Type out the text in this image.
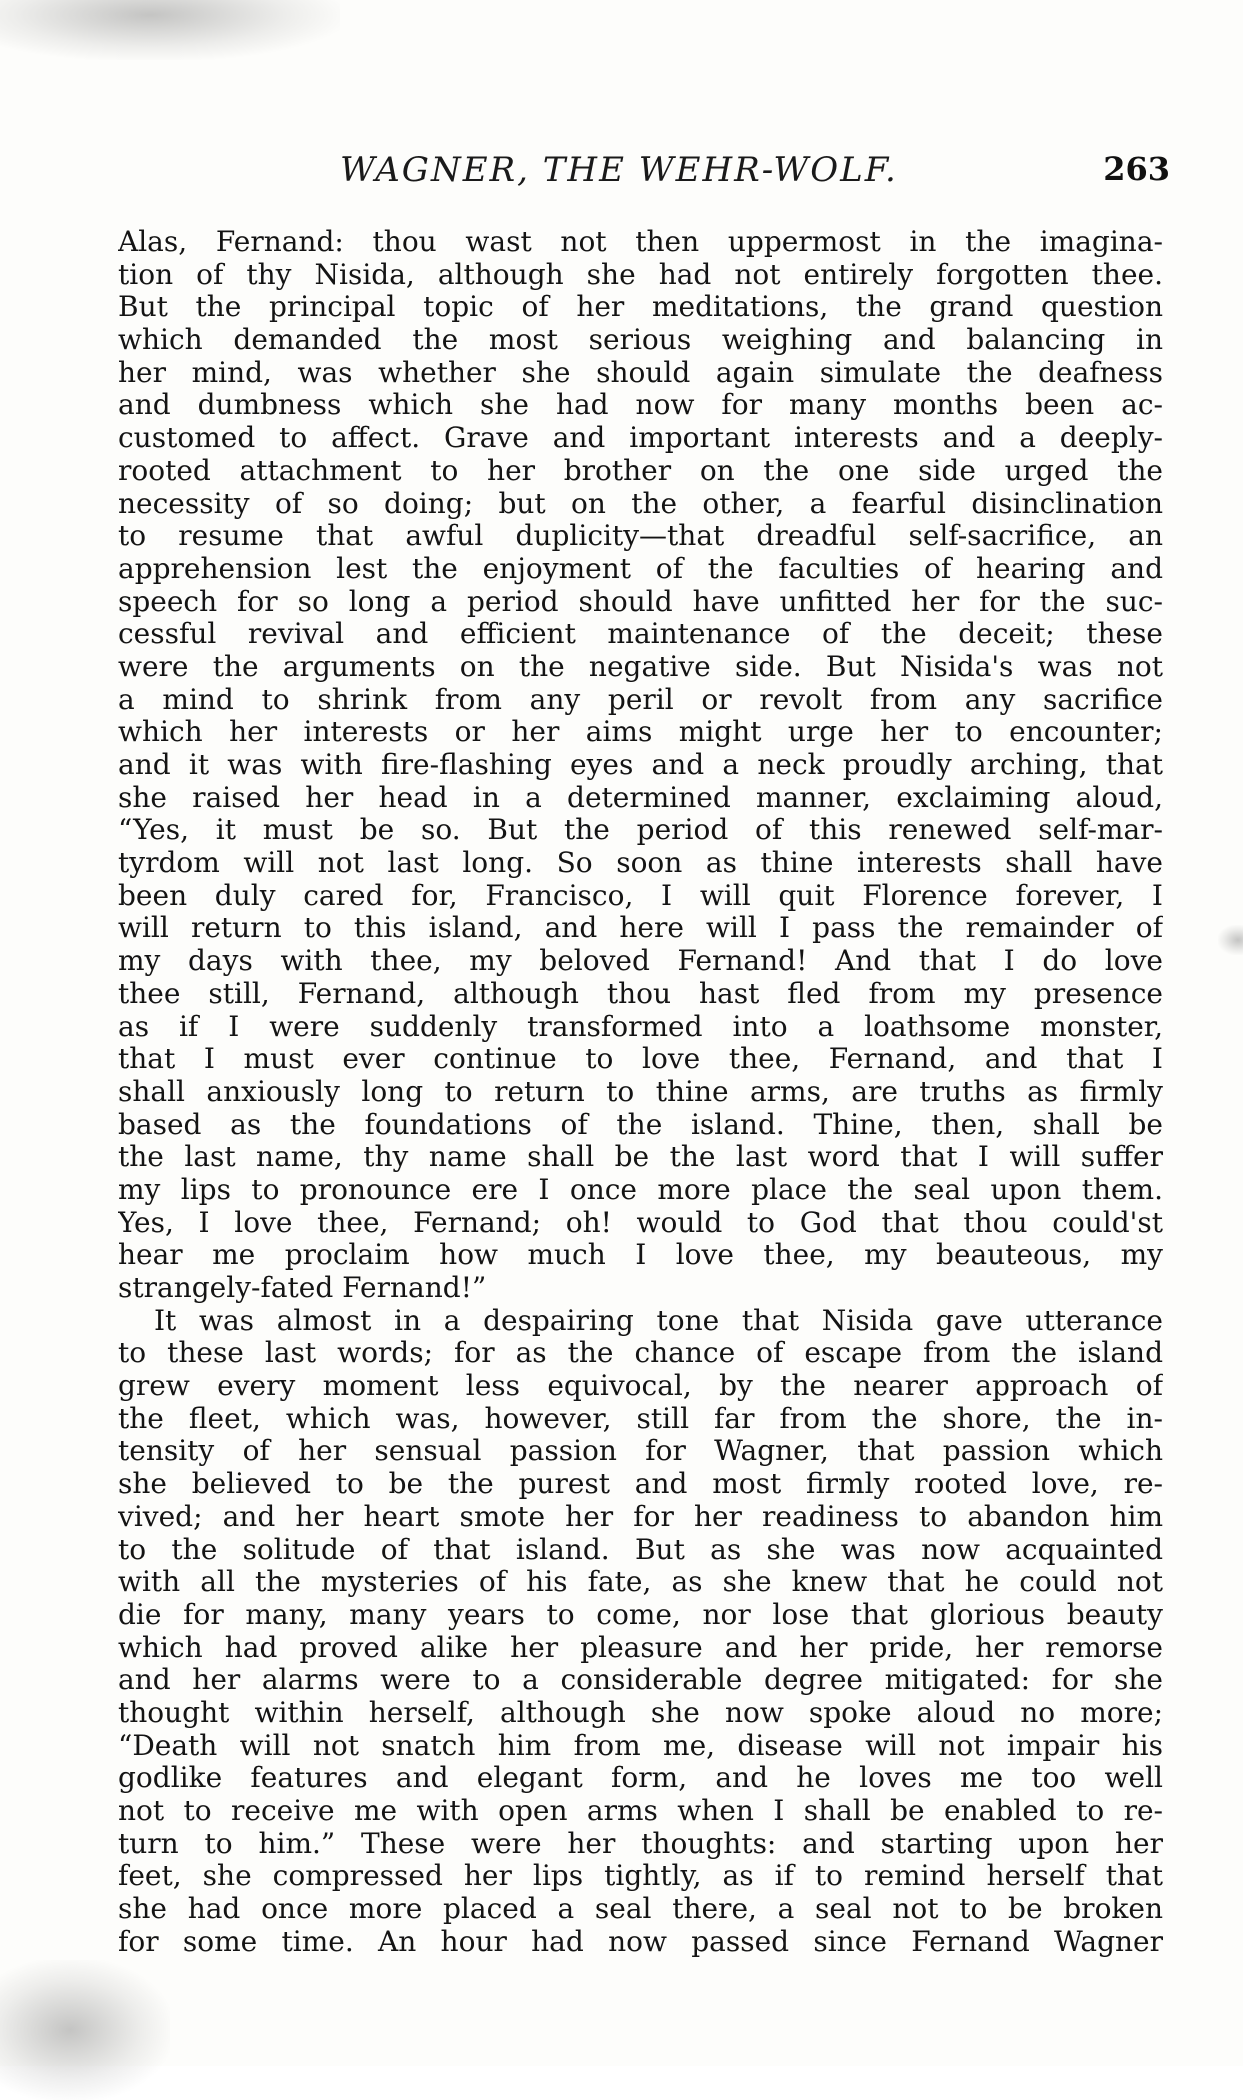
WAGNER, THE WEHR-WOLF.	263
Alas, Fernand: thou wast not then uppermost in the imagina-
tion of thy Nisida, although she had not entirely forgotten thee.
But the principal topic of her meditations, the grand question
which demanded the most serious weighing and balancing in
her mind, was whether she should again simulate the deafness
and dumbness which she had now for many months been ac-
customed to affect. Grave and important interests and a deeply-
rooted attachment to her brother on the one side urged the
necessity of so doing; but on the other, a fearful disinclination
to resume that awful duplicity—that dreadful self-sacrifice, an
apprehension lest the enjoyment of the faculties of hearing and
speech for so long a period should have unfitted her for the suc-
cessful revival and efficient maintenance of the deceit; these
were the arguments on the negative side. But Nisida's was not
a mind to shrink from any peril or revolt from any sacrifice
which her interests or her aims might urge her to encounter;
and it was with fire-flashing eyes and a neck proudly arching, that
she raised her head in a determined manner, exclaiming aloud,
“Yes, it must be so. But the period of this renewed self-mar-
tyrdom will not last long. So soon as thine interests shall have
been duly cared for, Francisco, I will quit Florence forever, I
will return to this island, and here will I pass the remainder of
my days with thee, my beloved Fernand! And that I do love
thee still, Fernand, although thou hast fled from my presence
as if I were suddenly transformed into a loathsome monster,
that I must ever continue to love thee, Fernand, and that I
shall anxiously long to return to thine arms, are truths as firmly
based as the foundations of the island. Thine, then, shall be
the last name, thy name shall be the last word that I will suffer
my lips to pronounce ere I once more place the seal upon them.
Yes, I love thee, Fernand; oh! would to God that thou could'st
hear me proclaim how much I love thee, my beauteous, my
strangely-fated Fernand!”
It was almost in a despairing tone that Nisida gave utterance
to these last words; for as the chance of escape from the island
grew every moment less equivocal, by the nearer approach of
the fleet, which was, however, still far from the shore, the in-
tensity of her sensual passion for Wagner, that passion which
she believed to be the purest and most firmly rooted love, re-
vived; and her heart smote her for her readiness to abandon him
to the solitude of that island. But as she was now acquainted
with all the mysteries of his fate, as she knew that he could not
die for many, many years to come, nor lose that glorious beauty
which had proved alike her pleasure and her pride, her remorse
and her alarms were to a considerable degree mitigated: for she
thought within herself, although she now spoke aloud no more;
“Death will not snatch him from me, disease will not impair his
godlike features and elegant form, and he loves me too well
not to receive me with open arms when I shall be enabled to re-
turn to him.” These were her thoughts: and starting upon her
feet, she compressed her lips tightly, as if to remind herself that
she had once more placed a seal there, a seal not to be broken
for some time. An hour had now passed since Fernand Wagner
